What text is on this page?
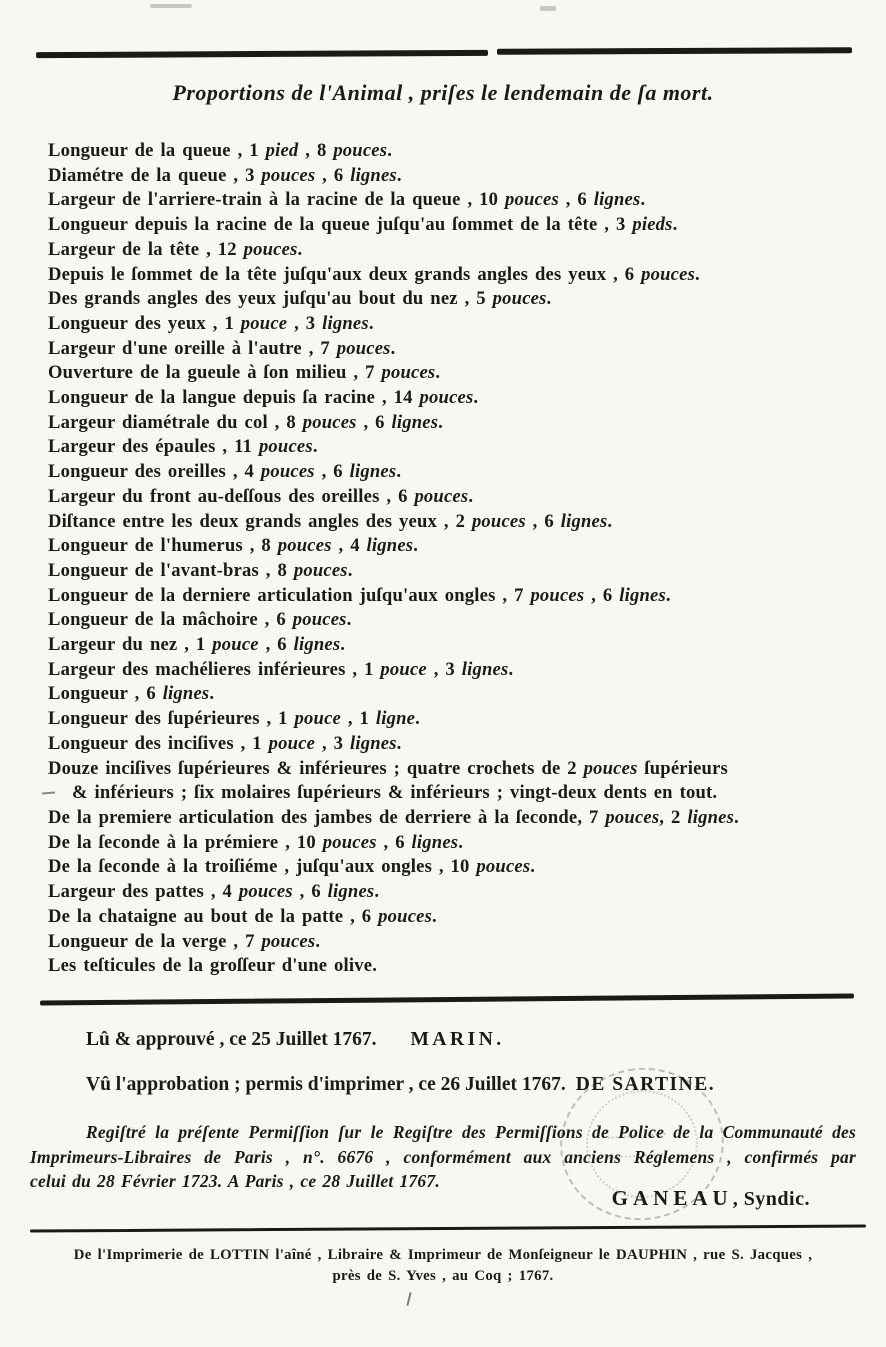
Proportions de l'Animal , priſes le lendemain de ſa mort.
Longueur de la queue , 1 pied , 8 pouces.
Diamétre de la queue , 3 pouces , 6 lignes.
Largeur de l'arriere-train à la racine de la queue , 10 pouces , 6 lignes.
Longueur depuis la racine de la queue juſqu'au ſommet de la tête , 3 pieds.
Largeur de la tête , 12 pouces.
Depuis le ſommet de la tête juſqu'aux deux grands angles des yeux , 6 pouces.
Des grands angles des yeux juſqu'au bout du nez , 5 pouces.
Longueur des yeux , 1 pouce , 3 lignes.
Largeur d'une oreille à l'autre , 7 pouces.
Ouverture de la gueule à ſon milieu , 7 pouces.
Longueur de la langue depuis ſa racine , 14 pouces.
Largeur diamétrale du col , 8 pouces , 6 lignes.
Largeur des épaules , 11 pouces.
Longueur des oreilles , 4 pouces , 6 lignes.
Largeur du front au-deſſous des oreilles , 6 pouces.
Diſtance entre les deux grands angles des yeux , 2 pouces , 6 lignes.
Longueur de l'humerus , 8 pouces , 4 lignes.
Longueur de l'avant-bras , 8 pouces.
Longueur de la derniere articulation juſqu'aux ongles , 7 pouces , 6 lignes.
Longueur de la mâchoire , 6 pouces.
Largeur du nez , 1 pouce , 6 lignes.
Largeur des machélieres inférieures , 1 pouce , 3 lignes.
Longueur , 6 lignes.
Longueur des ſupérieures , 1 pouce , 1 ligne.
Longueur des inciſives , 1 pouce , 3 lignes.
Douze inciſives ſupérieures & inférieures ; quatre crochets de 2 pouces ſupérieurs
& inférieurs ; ſix molaires ſupérieurs & inférieurs ; vingt-deux dents en tout.
De la premiere articulation des jambes de derriere à la ſeconde, 7 pouces, 2 lignes.
De la ſeconde à la prémiere , 10 pouces , 6 lignes.
De la ſeconde à la troiſiéme , juſqu'aux ongles , 10 pouces.
Largeur des pattes , 4 pouces , 6 lignes.
De la chataigne au bout de la patte , 6 pouces.
Longueur de la verge , 7 pouces.
Les teſticules de la groſſeur d'une olive.
Lû & approuvé , ce 25 Juillet 1767. MARIN.
Vû l'approbation ; permis d'imprimer , ce 26 Juillet 1767. DE SARTINE.
Regiſtré la préſente Permiſſion ſur le Regiſtre des Permiſſions de Police de la Communauté des
Imprimeurs-Libraires de Paris , n°. 6676 , conformément aux anciens Réglemens , confirmés par
celui du 28 Février 1723. A Paris , ce 28 Juillet 1767.
GANEAU, Syndic.
De l'Imprimerie de LOTTIN l'aîné , Libraire & Imprimeur de Monſeigneur le DAUPHIN , rue S. Jacques ,
près de S. Yves , au Coq ; 1767.
